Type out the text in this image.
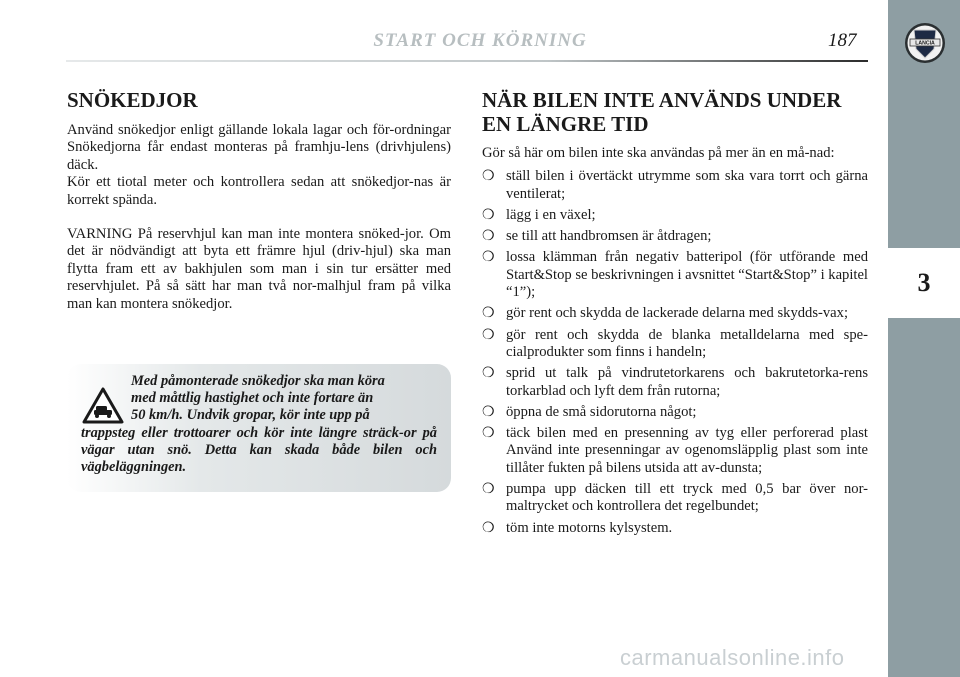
START OCH KÖRNING	187	LANCIA
3
SNÖKEDJOR

Använd snökedjor enligt gällande lokala lagar och för-ordningar Snökedjorna får endast monteras på framhju-lens (drivhjulens) däck.

Kör ett tiotal meter och kontrollera sedan att snökedjor-nas är korrekt spända.

VARNING På reservhjul kan man inte montera snöked-jor. Om det är nödvändigt att byta ett främre hjul (driv-hjul) ska man flytta fram ett av bakhjulen som man i sin tur ersätter med reservhjulet. På så sätt har man två nor-malhjul fram på vilka man kan montera snökedjor.

Med påmonterade snökedjor ska man köra
med måttlig hastighet och inte fortare än
50 km/h. Undvik gropar, kör inte upp på
trappsteg eller trottoarer och kör inte längre sträck-or på vägar utan snö. Detta kan skada både bilen och vägbeläggningen.
NÄR BILEN INTE ANVÄNDS UNDER EN LÄNGRE TID

Gör så här om bilen inte ska användas på mer än en må-nad:

❍ ställ bilen i övertäckt utrymme som ska vara torrt och gärna ventilerat;
❍ lägg i en växel;
❍ se till att handbromsen är åtdragen;
❍ lossa klämman från negativ batteripol (för utförande med Start&Stop se beskrivningen i avsnittet “Start&Stop” i kapitel “1”);
❍ gör rent och skydda de lackerade delarna med skydds-vax;
❍ gör rent och skydda de blanka metalldelarna med spe-cialprodukter som finns i handeln;
❍ sprid ut talk på vindrutetorkarens och bakrutetorka-rens torkarblad och lyft dem från rutorna;
❍ öppna de små sidorutorna något;
❍ täck bilen med en presenning av tyg eller perforerad plast Använd inte presenningar av ogenomsläpplig plast som inte tillåter fukten på bilens utsida att av-dunsta;
❍ pumpa upp däcken till ett tryck med 0,5 bar över nor-maltrycket och kontrollera det regelbundet;
❍ töm inte motorns kylsystem.
carmanualsonline.info
